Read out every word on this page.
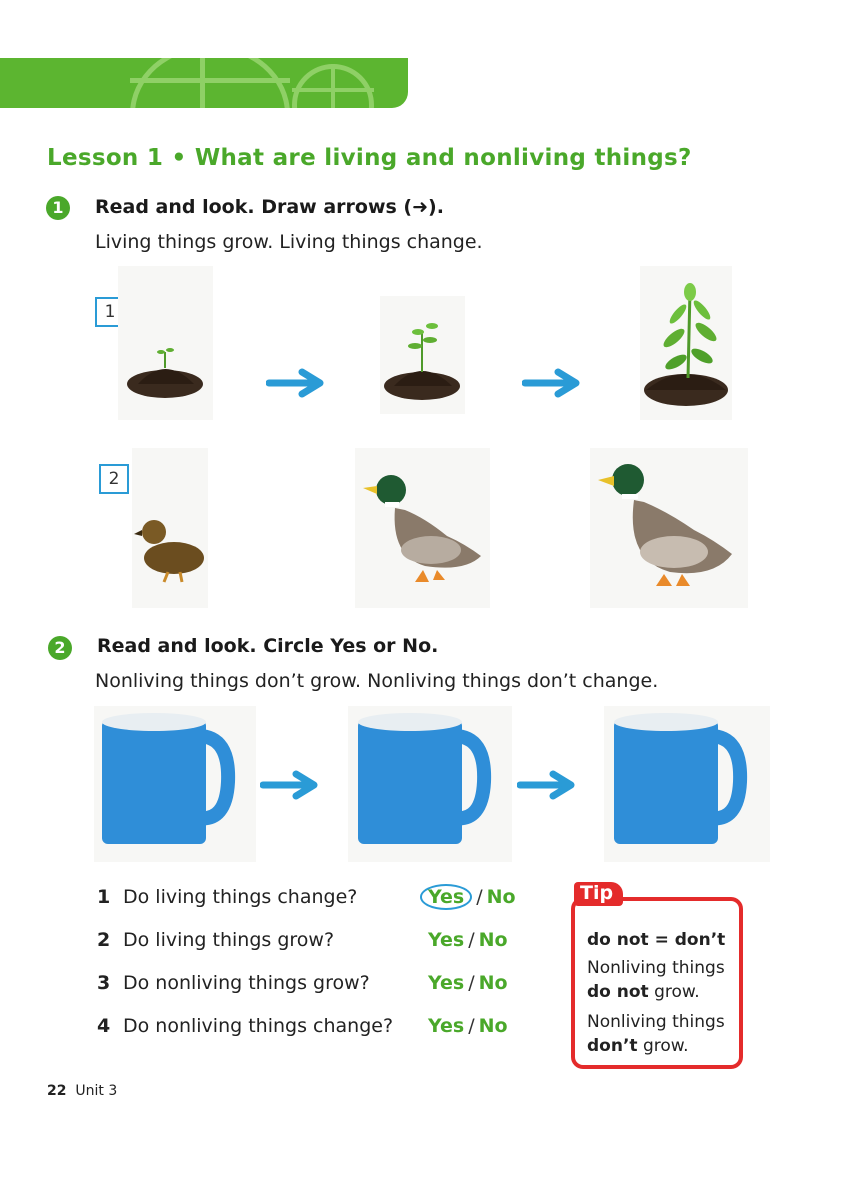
Lesson 1 • What are living and nonliving things?
1	Read and look. Draw arrows (➜).
Living things grow. Living things change.
1
2
2	Read and look. Circle Yes or No.
Nonliving things don’t grow. Nonliving things don’t change.
1 Do living things change?	Yes / No
2 Do living things grow?	Yes / No
3 Do nonliving things grow?	Yes / No
4 Do nonliving things change? Yes / No
Tip
do not = don’t
Nonliving things
do not grow.
Nonliving things
don’t grow.
22 Unit 3
